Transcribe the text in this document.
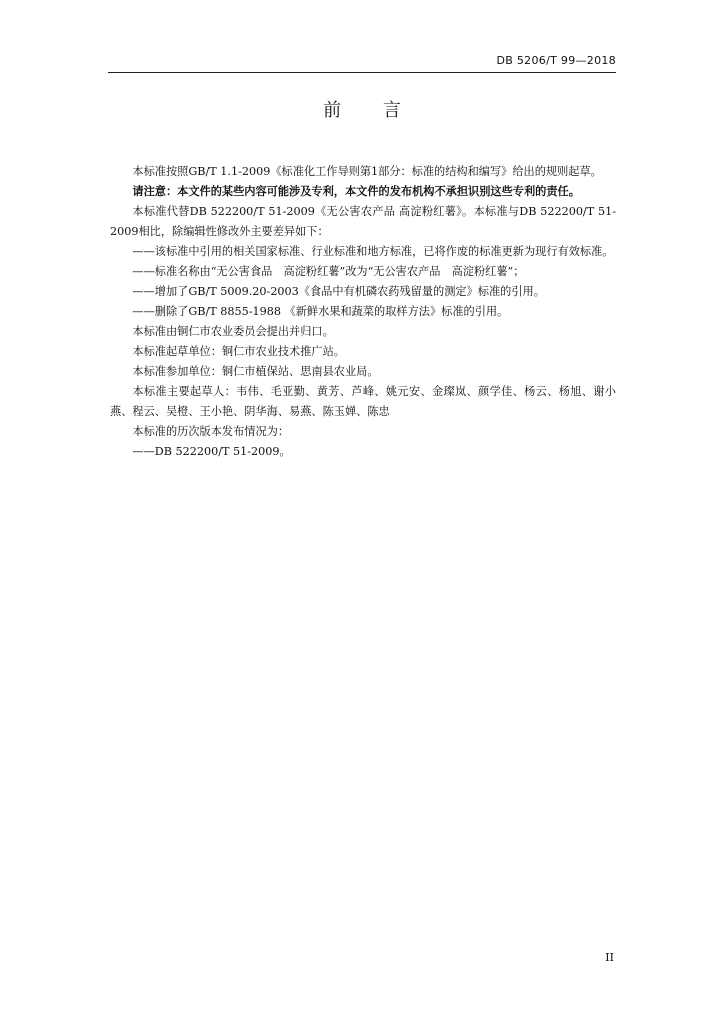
DB 5206/T 99—2018
前 言

本标准按照GB/T 1.1-2009《标准化工作导则第1部分：标准的结构和编写》给出的规则起草。

请注意：本文件的某些内容可能涉及专利，本文件的发布机构不承担识别这些专利的责任。

本标准代替DB 522200/T 51-2009《无公害农产品 高淀粉红薯》。本标准与DB 522200/T 51-2009相比，除编辑性修改外主要差异如下：

——该标准中引用的相关国家标准、行业标准和地方标准，已将作废的标准更新为现行有效标准。

——标准名称由“无公害食品　高淀粉红薯”改为“无公害农产品　高淀粉红薯”；

——增加了GB/T 5009.20-2003《食品中有机磷农药残留量的测定》标准的引用。

——删除了GB/T 8855-1988 《新鲜水果和蔬菜的取样方法》标准的引用。

本标准由铜仁市农业委员会提出并归口。

本标准起草单位：铜仁市农业技术推广站。

本标准参加单位：铜仁市植保站、思南县农业局。

本标准主要起草人：韦伟、毛亚勤、黄芳、芦峰、姚元安、金璨岚、颜学佳、杨云、杨旭、谢小燕、程云、吴橙、王小艳、阴华海、易燕、陈玉婵、陈忠

本标准的历次版本发布情况为：

——DB 522200/T 51-2009。

II
